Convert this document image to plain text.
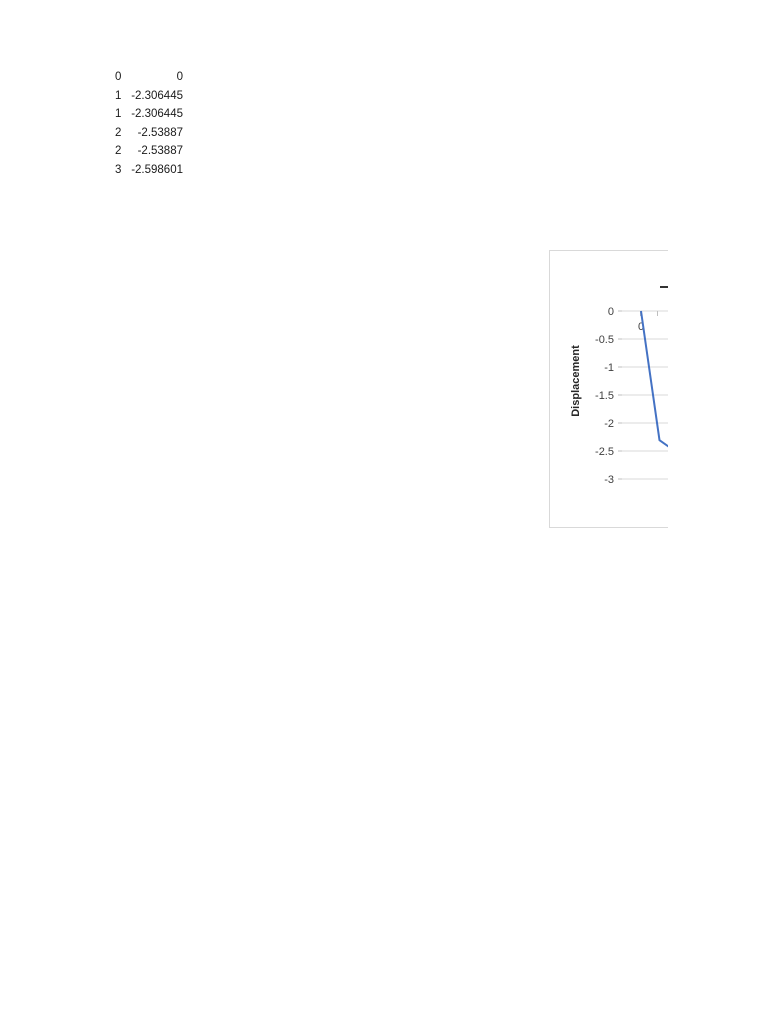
0	0
1	-2.306445
1	-2.306445
2	-2.53887
2	-2.53887
3	-2.598601
0
-0.5
-1
-1.5
-2
-2.5
-3
0
Displacement
